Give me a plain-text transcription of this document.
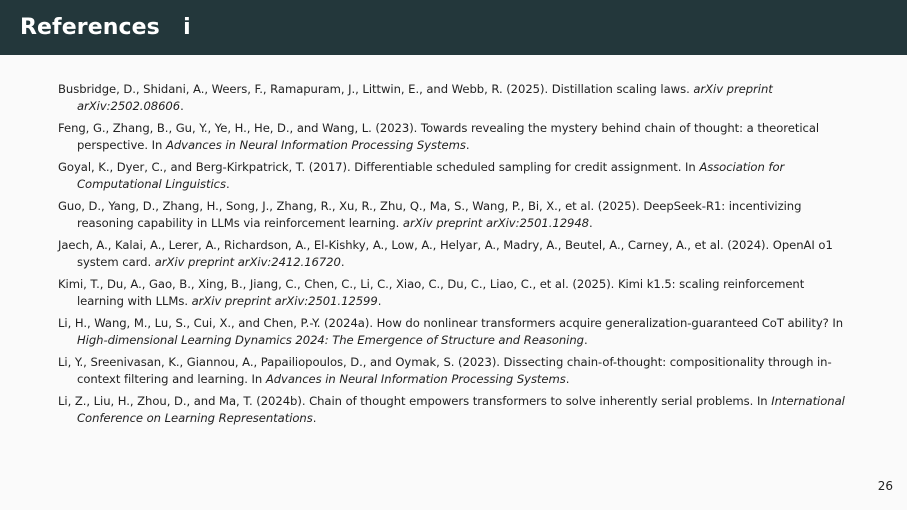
References   i
Busbridge, D., Shidani, A., Weers, F., Ramapuram, J., Littwin, E., and Webb, R. (2025). Distillation scaling laws. arXiv preprint arXiv:2502.08606.
Feng, G., Zhang, B., Gu, Y., Ye, H., He, D., and Wang, L. (2023). Towards revealing the mystery behind chain of thought: a theoretical perspective. In Advances in Neural Information Processing Systems.
Goyal, K., Dyer, C., and Berg-Kirkpatrick, T. (2017). Differentiable scheduled sampling for credit assignment. In Association for Computational Linguistics.
Guo, D., Yang, D., Zhang, H., Song, J., Zhang, R., Xu, R., Zhu, Q., Ma, S., Wang, P., Bi, X., et al. (2025). DeepSeek-R1: incentivizing reasoning capability in LLMs via reinforcement learning. arXiv preprint arXiv:2501.12948.
Jaech, A., Kalai, A., Lerer, A., Richardson, A., El-Kishky, A., Low, A., Helyar, A., Madry, A., Beutel, A., Carney, A., et al. (2024). OpenAI o1 system card. arXiv preprint arXiv:2412.16720.
Kimi, T., Du, A., Gao, B., Xing, B., Jiang, C., Chen, C., Li, C., Xiao, C., Du, C., Liao, C., et al. (2025). Kimi k1.5: scaling reinforcement learning with LLMs. arXiv preprint arXiv:2501.12599.
Li, H., Wang, M., Lu, S., Cui, X., and Chen, P.-Y. (2024a). How do nonlinear transformers acquire generalization-guaranteed CoT ability? In High-dimensional Learning Dynamics 2024: The Emergence of Structure and Reasoning.
Li, Y., Sreenivasan, K., Giannou, A., Papailiopoulos, D., and Oymak, S. (2023). Dissecting chain-of-thought: compositionality through in-context filtering and learning. In Advances in Neural Information Processing Systems.
Li, Z., Liu, H., Zhou, D., and Ma, T. (2024b). Chain of thought empowers transformers to solve inherently serial problems. In International Conference on Learning Representations.
26
